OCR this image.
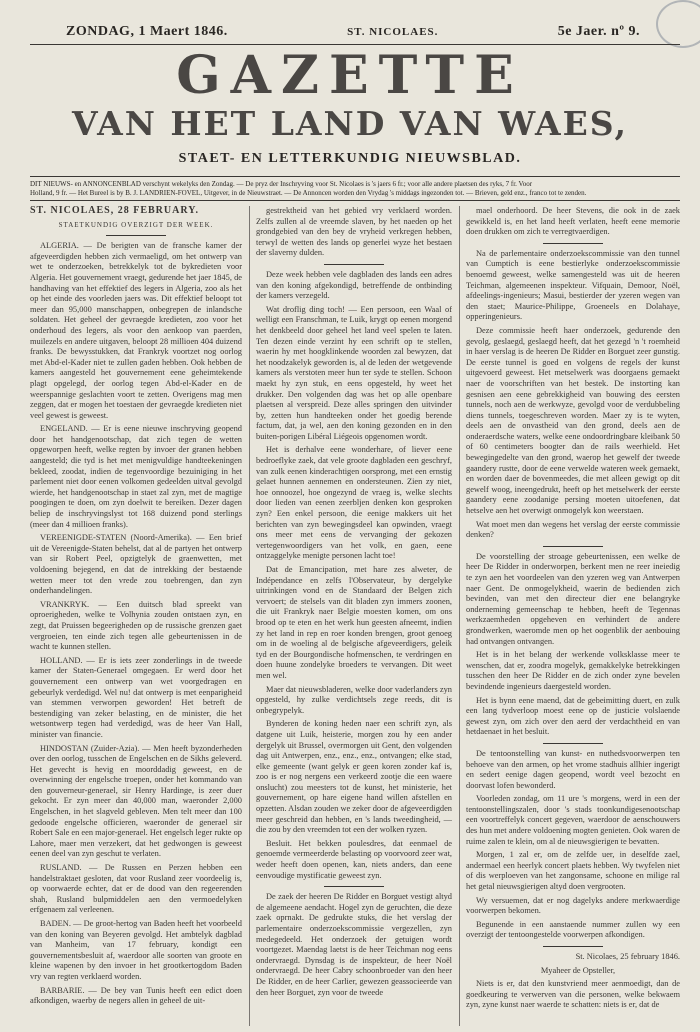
ZONDAG, 1 Maert 1846.	ST. NICOLAES.	5e Jaer. nº 9.
GAZETTE
VAN HET LAND VAN WAES,
STAET- EN LETTERKUNDIG NIEUWSBLAD.
DIT NIEUWS- en ANNONCENBLAD verschynt wekelyks den Zondag. — De pryz der Inschryving voor St. Nicolaes is 's jaers 6 fr.; voor alle andere plaetsen des ryks, 7 fr. Voor
Holland, 9 fr. — Het Bureel is by B. J. LANDRIEN-FOVEL, Uitgever, in de Nieuwstraet. — De Annoncen worden den Vrydag 's middags ingezonden tot. — Brieven, geld enz., franco tot te zenden.

ST. NICOLAES, 28 FEBRUARY.

STAETKUNDIG OVERZIGT DER WEEK.

ALGERIA. — De berigten van de fransche kamer der afgeveerdigden hebben zich vermaeligd, om het ontwerp van wet te onderzoeken, betrekkelyk tot de bykredieten voor Algeria. Het gouvernement vraegt, gedurende het jaer 1845, de handhaving van het effektief des legers in Algeria, zoo als het op het einde des voorleden jaers was. Dit effektief beloopt tot meer dan 95,000 manschappen, onbegrepen de inlandsche soldaten. Het geheel der gevraegde kredieten, zoo voor het onderhoud des legers, als voor den aenkoop van paerden, muilezels en andere uitgaven, beloopt 28 millioen 404 duizend franks. De bewysstukken, dat Frankryk voortzet nog oorlog met Abd-el-Kader niet te zullen gaden hebben. Ook hebben de kamers aangesteld het gouvernement eene geheimtekende plagt opgelegd, der oorlog tegen Abd-el-Kader en de weerspannige geslachten voort te zetten. Overigens mag men zeggen, dat er mogen het toestaen der gevraegde kredieten niet veel gewest is geweest.

ENGELAND. — Er is eene nieuwe inschryving geopend door het handgenootschap, dat zich tegen de wetten opgeworpen heeft, welke regten by invoer der granen hebben aangesteld; die tyd is het met menigvuldige handteekeningen bekleed, zoodat, indien de tegenvoordige bezuiniging in het parlement niet door eenen volkomen gedeelden uitval gevolgd wierde, het handgenootschap in staet zal zyn, met de magtige poogingen te doen, om zyn doelwit te bereiken. Dezer dagen beliep de inschryvingslyst tot 168 duizend pond sterlings (meer dan 4 millioen franks).

VEREENIGDE-STATEN (Noord-Amerika). — Een brief uit de Vereenigde-Staten behelst, dat al de partyen het ontwerp van sir Robert Peel, opzigtelyk de graenwetten, met voldoening bejegend, en dat de intrekking der bestaende wetten meer tot den vrede zou toebrengen, dan zyn onderhandelingen.

VRANKRYK. — Een duitsch blad spreekt van oproerigheden, welke te Volhynia zouden ontstaen zyn, en zegt, dat Pruissen begeerigheden op de russische grenzen gaet vergroeien, ten einde zich tegen alle gebeurtenissen in de wacht te kunnen stellen.

HOLLAND. — Er is iets zeer zonderlings in de tweede kamer der Staten-Generael omgegaen. Er werd door het gouvernement een ontwerp van wet voorgedragen en gebeurlyk verdedigd. Wel nu! dat ontwerp is met eenparigheid van stemmen verworpen geworden! Het betreft de bestendiging van zeker belasting, en de minister, die het wetsontwerp tegen had verdedigd, was de heer Van Hall, minister van financie.

HINDOSTAN (Zuider-Azia). — Men heeft byzonderheden over den oorlog, tusschen de Engelschen en de Sikhs geleverd. Het gevecht is hevig en moorddadig geweest, en de overwinning der engelsche troepen, onder het kommando van den gouverneur-generael, sir Henry Hardinge, is zeer duer gekocht. Er zyn meer dan 40,000 man, waeronder 2,000 Engelschen, in het slagveld gebleven. Men telt meer dan 100 gedoode engelsche officieren, waeronder de generael sir Robert Sale en een major-generael. Het engelsch leger rukte op Lahore, maer men verzekert, dat het gedwongen is geweest eenen deel van zyn geschut te verlaten.

RUSLAND. — De Russen en Perzen hebben een handelstraktaet gesloten, dat voor Rusland zeer voordeelig is, op voorwaerde echter, dat er de dood van den regeerenden shah, Rusland bulpmiddelen aen den vermoedelyken erfgenaem zal verleenen.

BADEN. — De groot-hertog van Baden heeft het voorbeeld van den koning van Beyeren gevolgd. Het ambtelyk dagblad van Manheim, van 17 february, kondigt een gouvernementsbesluit af, waerdoor alle soorten van groote en kleine wapenen by den invoer in het grootkertogdom Baden vry van regten verklaerd worden.

BARBARIE. — De bey van Tunis heeft een edict doen afkondigen, waerby de negers allen in geheel de uit-

gestrektheid van het gebied vry verklaerd worden. Zelfs zullen al de vreemde slaven, by het naeden op het grondgebied van den bey de vryheid verkregen hebben, terwyl de wetten des lands op generlei wyze het bestaen der slaverny dulden.

Deze week hebben vele dagbladen des lands een adres van den koning afgekondigd, betreffende de ontbinding der kamers verzegeld.

Wat droflig ding toch! — Een persoon, een Waal of welligt een Franschman, te Luik, krygt op eenen morgend het denkbeeld door geheel het land veel spelen te laten. Ten dezen einde verzint hy een schrift op te stellen, waerin hy met hoogklinkende woorden zal bewyzen, dat het noodzakelyk geworden is, al de leden der wetgevende kamers als verstoten meer hun ter syde te stellen. Schoon maekt hy zyn stuk, en eens opgesteld, hy weet het drukker. Den volgenden dag was het op alle openbare plaetsen al verspreid. Deze alles springen den uitvinder by, zetten hun handteeken onder het goedig berende factum, dat, ja wel, aen den koning gezonden en in den buiten-porigen Libéral Liégeois opgenomen wordt.

Het is derhalve eene wonderhare, of liever eene bedroeflyke zaek, dat vele groote dagbladen een geschryf, van zulk eenen kinderachtigen oorsprong, met een ernstig gelaet hunnen aennemen en ondersteunen. Zien zy niet, hoe onnoozel, hoe ongezynd de vraeg is, welke slechts door lieden van eenen zeerbljen denken kon gesproken zyn? Een enkel persoon, die eenige makkers uit het berichten van zyn bewegingsdeel kan opwinden, vraegt ons meer met eens de vervanging der gekozen vertegenwoordigers van het volk, en gaen, eene ontzaggelyke menigte personen lacht toe!

Dat de Emancipation, met hare zes alweter, de Indépendance en zelfs l'Observateur, by dergelyke uitrinkingen vond en de Standaard der Belgen zich vervoert; de stelsels van dit bladen zyn immers zoonen, die uit Frankryk naer Belgie moesten komen, om ons brood op te eten en het werk hun geesten afneemt, indien zy het land in rep en roer konden brengen, groot genoeg om in de woeling al de belgische afgeveerdigers, geleik tyd en der Bourgondische hofmenschen, te verdringen en doen huune zondelyke broeders te vervangen. Dit weet men wel.

Maer dat nieuwsbladeren, welke door vaderlanders zyn opgesteld, hy zulke verdichtsels zege reeds, dit is onbegrypelyk.

Bynderen de koning heden naer een schrift zyn, als datgene uit Luik, heisterie, morgen zou hy een ander dergelyk uit Brussel, overmorgen uit Gent, den volgenden dag uit Antwerpen, enz., enz., enz., ontvangen; elke stad, elke gemeente (want gelyk er geen koren zonder kaf is, zoo is er nog nergens een verkeerd zootje die een waere onslucht) zou meesters tot de kunst, het ministerie, het gouvernement, op hare eigene hand willen afstellen en opzetten. Alsdan zouden we zeker door de afgeveerdigden meer geschreid dan hebben, en 's lands tweedingheid, — die zou by den vreemden tot een der wolken ryzen.

Besluit. Het bekken poulesdres, dat eenmael de genoemde vermeerderde belasting op voorvoord zeer wat, weder heeft doen openen, kan, niets anders, dan eene eenvoudige mystificatie geweest zyn.

De zaek der heeren De Ridder en Borguet vestigt altyd de algemeene aendacht. Hogel zyn de geruchten, die deze zaek oprnakt. De gedrukte stuks, die het verslag der parlementaire onderzoekscommissie vergezellen, zyn medegedeeld. Het onderzoek der getuigen wordt voortgezet. Maendag laetst is de heer Teichman nog eens ondervraegd. Dynsdag is de inspekteur, de heer Noël ondervraegd. De heer Cabry schoonbroeder van den heer De Ridder, en de heer Carlier, gewezen geassocieerde van den heer Borguet, zyn voor de tweede

mael onderhoord. De heer Stevens, die ook in de zaek gewikkeld is, en het land heeft verlaten, heeft eene memorie doen drukken om zich te verregtvaerdigen.

Na de parlementaire onderzoekscommissie van den tunnel van Cumptich is eene bestierlyke onderzoekscommissie benoemd geweest, welke samengesteld was uit de heeren Teichman, algemeenen inspekteur. Vifquain, Demoor, Noël, afdeelings-ingenieurs; Masui, bestierder der yzeren wegen van den staet; Maurice-Philippe, Groeneels en Dolahaye, opperingenieurs.

Deze commissie heeft haer onderzoek, gedurende den gevolg, geslaegd, geslaegd heeft, dat het gezegd 'n 't roemheid in haer verslag is de heeren De Ridder en Borguet zeer gunstig. De eerste tunnel is goed en volgens de regels der kunst uitgevoerd geweest. Het metselwerk was doorgaens gemaekt naer de voorschriften van het bestek. De instorting kan gesnisen aen eene gebrekkigheid van bouwing des eersten tunnels, noch aen de werkwyze, gevolgd voor de verdubbeling diens tunnels, toegeschreven worden. Maer zy is te wyten, deels aen de onvastheid van den grond, deels aen de onderaerdsche waters, welke eene ondoordringbare kleibank 50 of 60 centimeters boogter dan de rails weerhield. Het bewegingedelte van den grond, waerop het gewelf der tweede gaandery rustte, door de eene verwelde wateren week gemaekt, en worden daer de bovenmeedes, die met alleen gewigt op dit gewelf woog, ineengedrukt, heeft op het metselwerk der eerste gaandery eene zoodanige persing moeten uitoefenen, dat hetselve aen het overwigt onmogelyk kon weerstaen.

Wat moet men dan wegens het verslag der eerste commissie denken?

De voorstelling der stroage gebeurtenissen, een welke de heer De Ridder in onderworpen, berkent men ne reer ineiedig te zyn aen het voordeelen van den yzeren weg van Antwerpen naer Gent. De onmogelykheid, waerin de bedienden zich bevinden, van met den directeur dier ene belangryke onderneming gemeenschap te hebben, heeft de Tegennas werkzaemheden opgeheven en verhindert de andere grondwerken, waeromde men op het oogenblik der aenbouing had ontvangen ontvangen.

Het is in het belang der werkende volksklasse meer te wenschen, dat er, zoodra mogelyk, gemakkelyke betrekkingen tusschen den heer De Ridder en de zich onder zyne bevelen bevindende ingenieurs daergesteld worden.

Het is bynn eene maend, dat de gebeimitting duert, en zulk een lang tydverloop moest eene op de justicie volslaende gewest zyn, om zich over den aerd der verdachtheid en van hetdaenaet in het besluit.

De tentoonstelling van kunst- en nuthedsvoorwerpen ten behoeve van den armen, op het vrome stadhuis allhier ingerigt en sedert eenige dagen geopend, wordt veel bezocht en doorvast lofen bewonderd.

Voorleden zondag, om 11 ure 's morgens, werd in een der tentoonstellingszalen, door 's stads toonkundigesenootschap een voortreffelyk concert gegeven, waerdoor de aenschouwers des hun met andere voldoening mogten genieten. Ook waren de ruime zalen te klein, om al de nieuwsgierigen te bevatten.

Morgen, 1 zal er, om de zelfde uer, in deselfde zael, andermael een heerlyk concert plaets hebben. Wy twyfelen niet of dis werploeven van het zangonsame, schoone en milige ral het getal nieuwsgierigen altyd doen vergrooten.

Wy versuemen, dat er nog dagelyks andere merkwaerdige voorwerpen bekomen.

Begunende in een aanstaende nummer zullen wy een overzigt der tentoongestelde voorwerpen afkondigen.

St. Nicolaes, 25 february 1846.

Myaheer de Opsteller,

Niets is er, dat den kunstvriend meer aenmoedigt, dan de goedkeuring te verwerven van die personen, welke bekwaem zyn, zyne kunst naer waerde te schatten: niets is er, dat de
